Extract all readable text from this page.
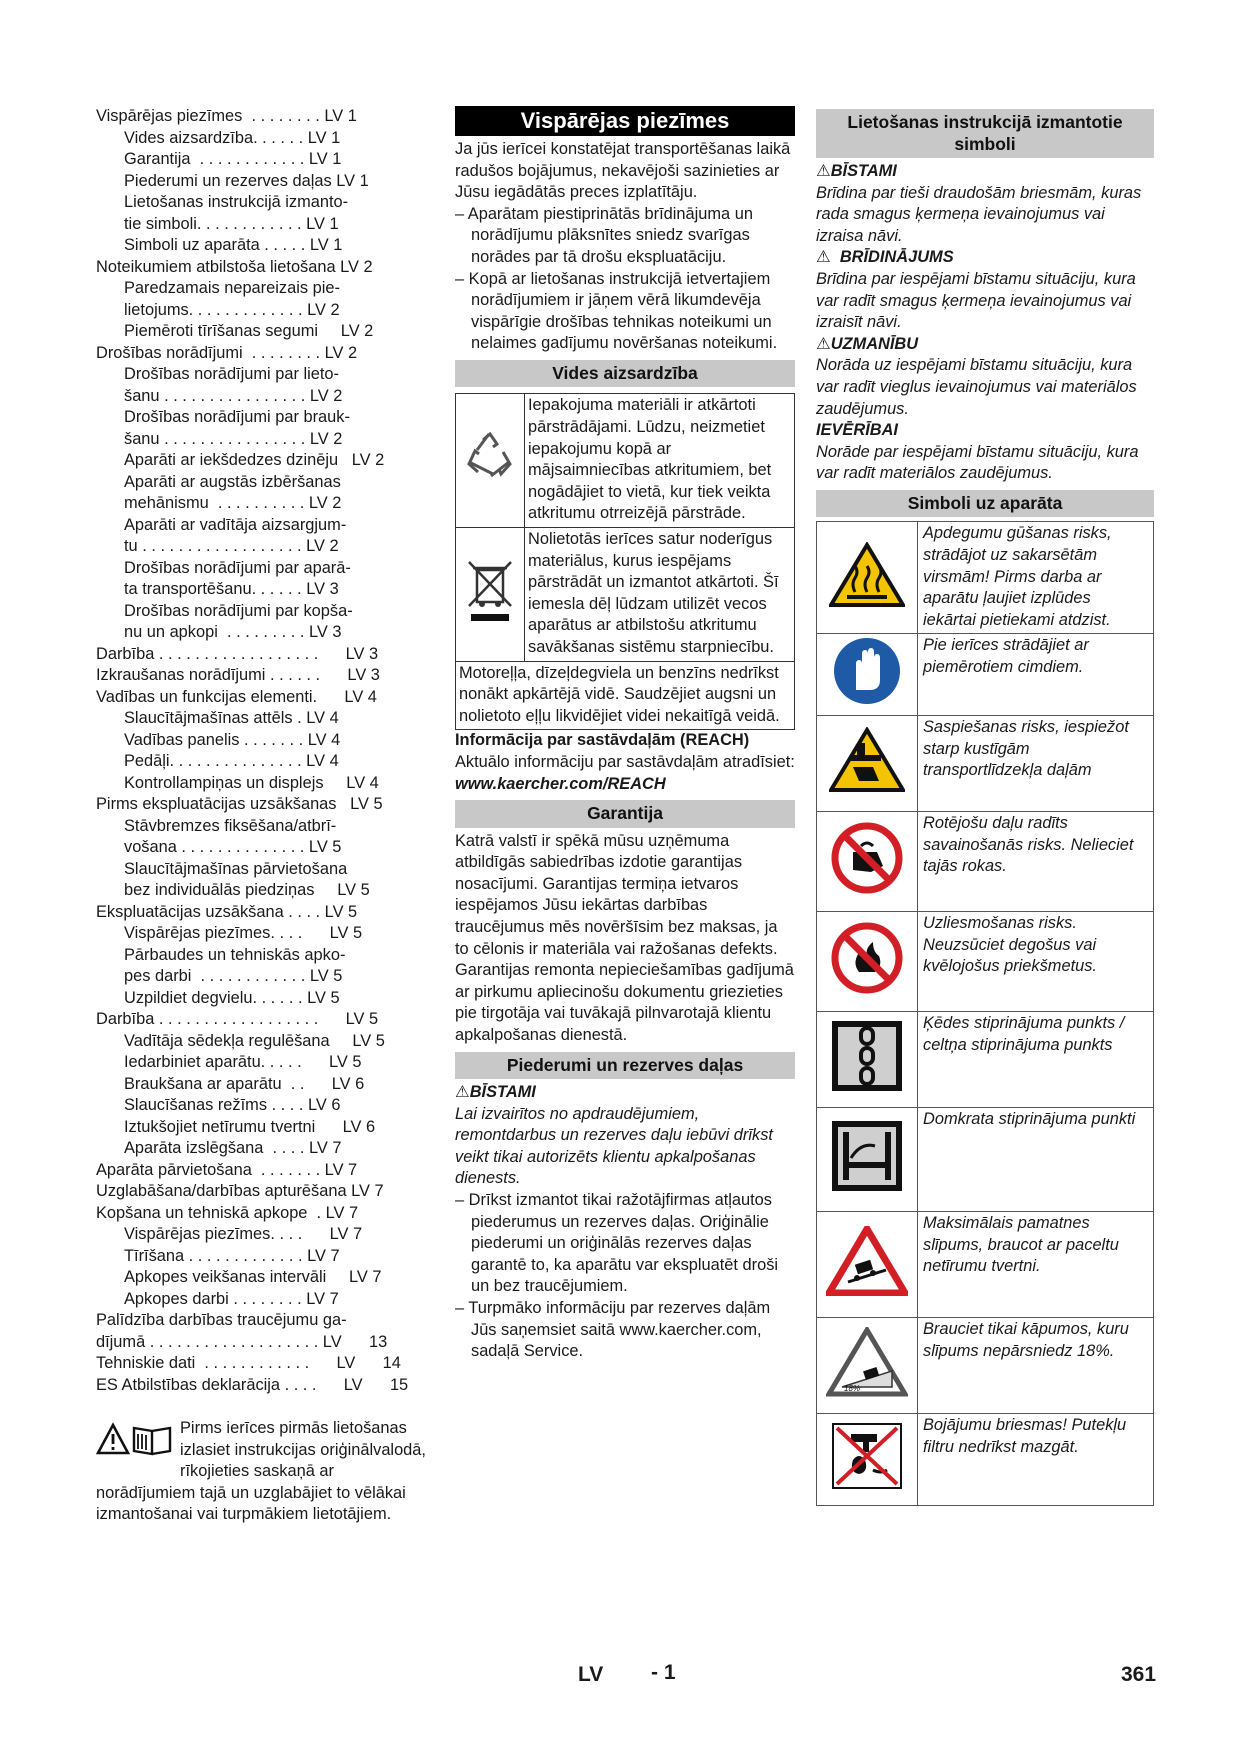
Vispārējas piezīmes  . . . . . . . . LV 1
Vides aizsardzība. . . . . . LV 1
Garantija  . . . . . . . . . . . . LV 1
Piederumi un rezerves daļas LV 1
Lietošanas instrukcijā izmanto-
tie simboli. . . . . . . . . . . . LV 1
Simboli uz aparāta . . . . . LV 1
Noteikumiem atbilstoša lietošana LV 2
Paredzamais nepareizais pie-
lietojums. . . . . . . . . . . . . LV 2
Piemēroti tīrīšanas segumi     LV 2
Drošības norādījumi  . . . . . . . . LV 2
Drošības norādījumi par lieto-
šanu . . . . . . . . . . . . . . . . LV 2
Drošības norādījumi par brauk-
šanu . . . . . . . . . . . . . . . . LV 2
Aparāti ar iekšdedzes dzinēju   LV 2
Aparāti ar augstās izbēršanas
mehānismu  . . . . . . . . . . LV 2
Aparāti ar vadītāja aizsargjum-
tu . . . . . . . . . . . . . . . . . . LV 2
Drošības norādījumi par aparā-
ta transportēšanu. . . . . . LV 3
Drošības norādījumi par kopša-
nu un apkopi  . . . . . . . . . LV 3
Darbība . . . . . . . . . . . . . . . . . .      LV 3
Izkraušanas norādījumi . . . . . .      LV 3
Vadības un funkcijas elementi.      LV 4
Slaucītājmašīnas attēls . LV 4
Vadības panelis . . . . . . . LV 4
Pedāļi. . . . . . . . . . . . . . . LV 4
Kontrollampiņas un displejs     LV 4
Pirms ekspluatācijas uzsākšanas   LV 5
Stāvbremzes fiksēšana/atbrī-
vošana . . . . . . . . . . . . . . LV 5
Slaucītājmašīnas pārvietošana
bez individuālās piedziņas     LV 5
Ekspluatācijas uzsākšana . . . . LV 5
Vispārējas piezīmes. . . .      LV 5
Pārbaudes un tehniskās apko-
pes darbi  . . . . . . . . . . . . LV 5
Uzpildiet degvielu. . . . . . LV 5
Darbība . . . . . . . . . . . . . . . . . .      LV 5
Vadītāja sēdekļa regulēšana     LV 5
Iedarbiniet aparātu. . . . .      LV 5
Braukšana ar aparātu  . .      LV 6
Slaucīšanas režīms . . . . LV 6
Iztukšojiet netīrumu tvertni      LV 6
Aparāta izslēgšana  . . . . LV 7
Aparāta pārvietošana  . . . . . . . LV 7
Uzglabāšana/darbības apturēšana LV 7
Kopšana un tehniskā apkope  . LV 7
Vispārējas piezīmes. . . .      LV 7
Tīrīšana . . . . . . . . . . . . . LV 7
Apkopes veikšanas intervāli     LV 7
Apkopes darbi . . . . . . . . LV 7
Palīdzība darbības traucējumu ga-
dījumā . . . . . . . . . . . . . . . . . . . LV      13
Tehniskie dati  . . . . . . . . . . . .      LV      14
ES Atbilstības deklarācija . . . .      LV      15
Pirms ierīces pirmās lietošanas izlasiet instrukcijas oriģinālvalodā, rīkojieties saskaņā ar norādījumiem tajā un uzglabājiet to vēlākai izmantošanai vai turpmākiem lietotājiem.
Vispārējas piezīmes
Ja jūs ierīcei konstatējat transportēšanas laikā radušos bojājumus, nekavējoši sazinieties ar Jūsu iegādātās preces izplatītāju.
– Aparātam piestiprinātās brīdinājuma un norādījumu plāksnītes sniedz svarīgas norādes par tā drošu ekspluatāciju.
– Kopā ar lietošanas instrukcijā ietvertajiem norādījumiem ir jāņem vērā likumdevēja vispārīgie drošības tehnikas noteikumi un nelaimes gadījumu novēršanas noteikumi.
Vides aizsardzība
	Iepakojuma materiāli ir atkārtoti pārstrādājami. Lūdzu, neizmetiet iepakojumu kopā ar mājsaimniecības atkritumiem, bet nogādājiet to vietā, kur tiek veikta atkritumu otrreizējā pārstrāde.
	Nolietotās ierīces satur noderīgus materiālus, kurus iespējams pārstrādāt un izmantot atkārtoti. Šī iemesla dēļ lūdzam utilizēt vecos aparātus ar atbilstošu atkritumu savākšanas sistēmu starpniecību.
Motoreļļa, dīzeļdegviela un benzīns nedrīkst nonākt apkārtējā vidē. Saudzējiet augsni un nolietoto eļļu likvidējiet videi nekaitīgā veidā.	
Informācija par sastāvdaļām (REACH)
Aktuālo informāciju par sastāvdaļām atradīsiet:
www.kaercher.com/REACH
Garantija
Katrā valstī ir spēkā mūsu uzņēmuma atbildīgās sabiedrības izdotie garantijas nosacījumi. Garantijas termiņa ietvaros iespējamos Jūsu iekārtas darbības traucējumus mēs novēršīsim bez maksas, ja to cēlonis ir materiāla vai ražošanas defekts. Garantijas remonta nepieciešamības gadījumā ar pirkumu apliecinošu dokumentu griezieties pie tirgotāja vai tuvākajā pilnvarotajā klientu apkalpošanas dienestā.
Piederumi un rezerves daļas
⚠BĪSTAMI
Lai izvairītos no apdraudējumiem, remontdarbus un rezerves daļu iebūvi drīkst veikt tikai autorizēts klientu apkalpošanas dienests.
– Drīkst izmantot tikai ražotājfirmas atļautos piederumus un rezerves daļas. Oriģinālie piederumi un oriģinālās rezerves daļas garantē to, ka aparātu var ekspluatēt droši un bez traucējumiem.
– Turpmāko informāciju par rezerves daļām Jūs saņemsiet saitā www.kaercher.com, sadaļā Service.
Lietošanas instrukcijā izmantotie simboli
⚠BĪSTAMI
Brīdina par tieši draudošām briesmām, kuras rada smagus ķermeņa ievainojumus vai izraisa nāvi.
⚠ BRĪDINĀJUMS
Brīdina par iespējami bīstamu situāciju, kura var radīt smagus ķermeņa ievainojumus vai izraisīt nāvi.
⚠UZMANĪBU
Norāda uz iespējami bīstamu situāciju, kura var radīt vieglus ievainojumus vai materiālos zaudējumus.
IEVĒRĪBAI
Norāde par iespējami bīstamu situāciju, kura var radīt materiālos zaudējumus.
Simboli uz aparāta
	Apdegumu gūšanas risks, strādājot uz sakarsētām virsmām! Pirms darba ar aparātu ļaujiet izplūdes iekārtai pietiekami atdzist.
	Pie ierīces strādājiet ar piemērotiem cimdiem.
	Saspiešanas risks, iespiežot starp kustīgām transportlīdzekļa daļām
	Rotējošu daļu radīts savainošanās risks. Nelieciet tajās rokas.
	Uzliesmošanas risks. Neuzsūciet degošus vai kvēlojošus priekšmetus.
	Ķēdes stiprinājuma punkts / celtņa stiprinājuma punkts
	Domkrata stiprinājuma punkti
	Maksimālais pamatnes slīpums, braucot ar paceltu netīrumu tvertni.

18%	Brauciet tikai kāpumos, kuru slīpums nepārsniedz 18%.
	Bojājumu briesmas! Putekļu filtru nedrīkst mazgāt.
LV - 1	361
